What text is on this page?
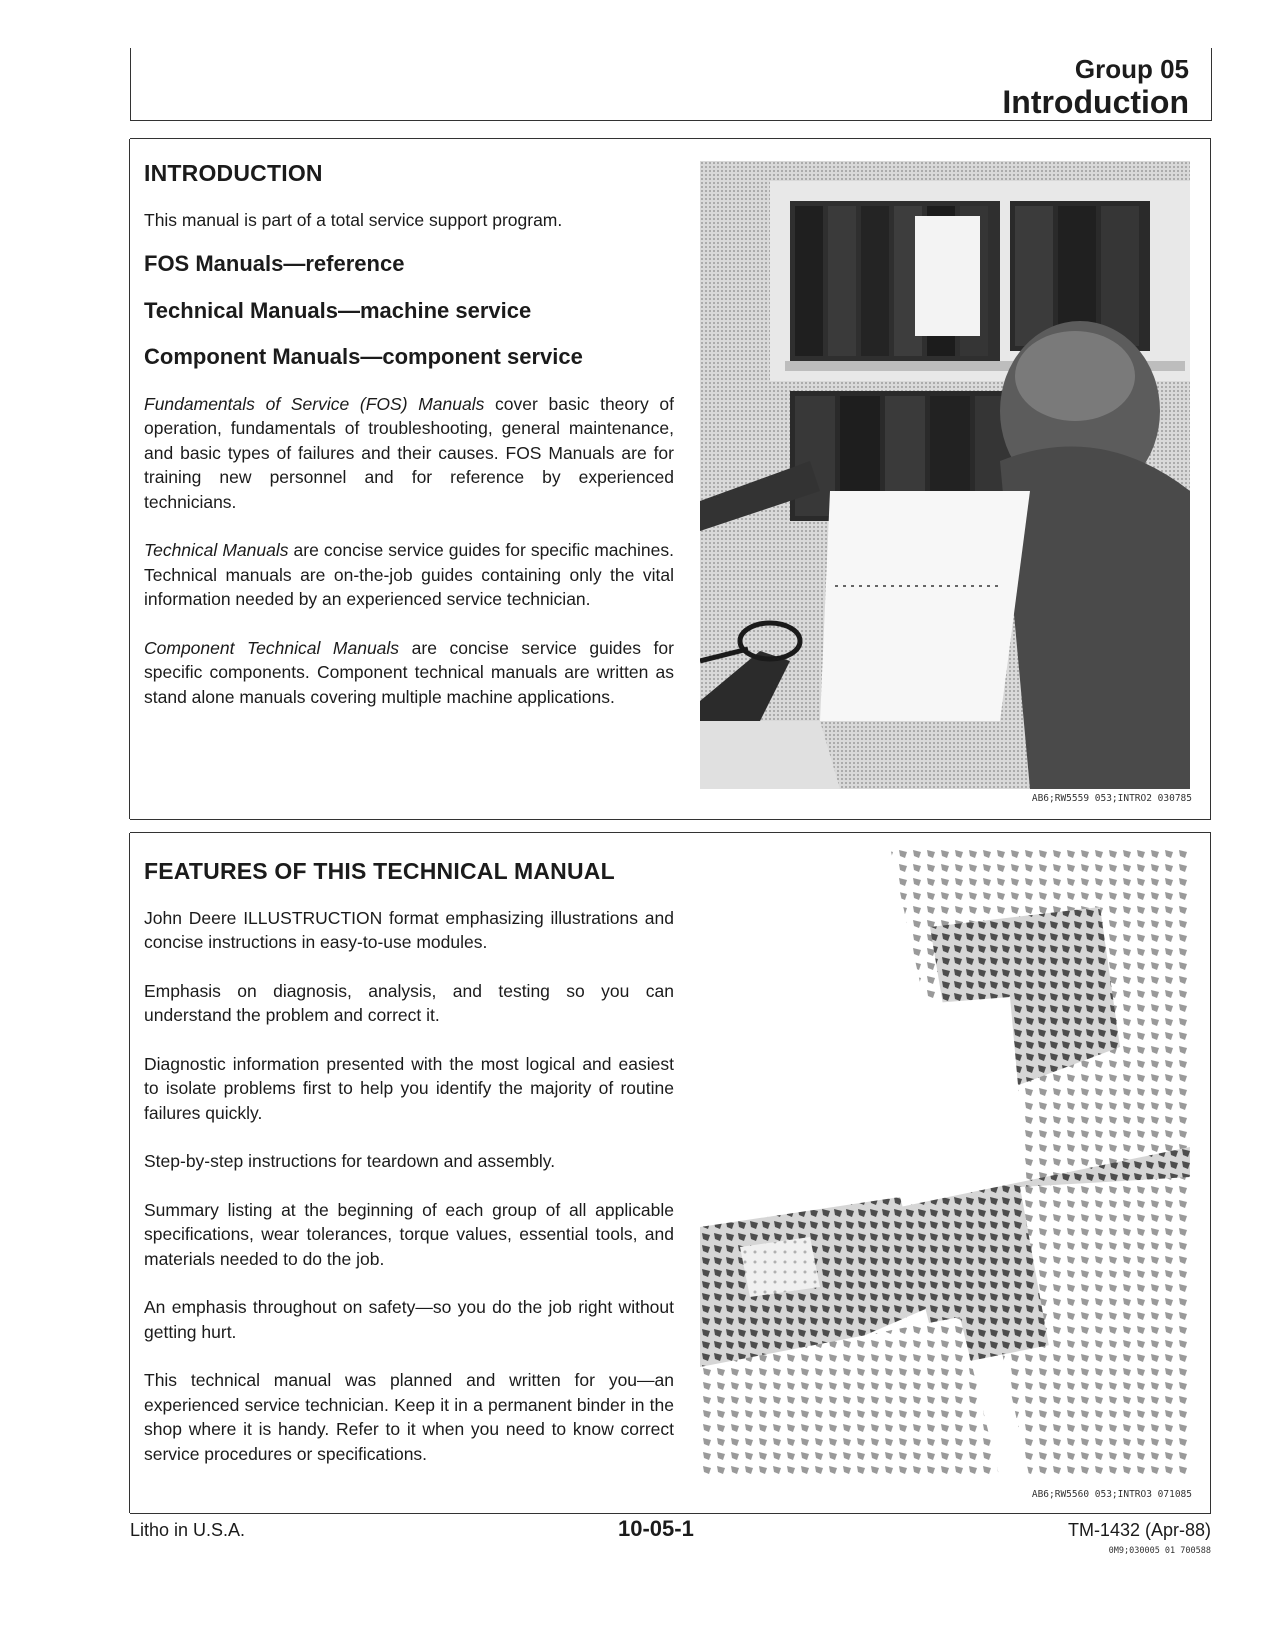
Group 05
Introduction
INTRODUCTION

This manual is part of a total service support program.

FOS Manuals—reference
Technical Manuals—machine service
Component Manuals—component service

Fundamentals of Service (FOS) Manuals cover basic theory of operation, fundamentals of troubleshooting, general maintenance, and basic types of failures and their causes. FOS Manuals are for training new personnel and for reference by experienced technicians.

Technical Manuals are concise service guides for specific machines. Technical manuals are on-the-job guides containing only the vital information needed by an experienced service technician.

Component Technical Manuals are concise service guides for specific components. Component technical manuals are written as stand alone manuals covering multiple machine applications.

AB6;RW5559 053;INTRO2 030785
FEATURES OF THIS TECHNICAL MANUAL

John Deere ILLUSTRUCTION format emphasizing illustrations and concise instructions in easy-to-use modules.

Emphasis on diagnosis, analysis, and testing so you can understand the problem and correct it.

Diagnostic information presented with the most logical and easiest to isolate problems first to help you identify the majority of routine failures quickly.

Step-by-step instructions for teardown and assembly.

Summary listing at the beginning of each group of all applicable specifications, wear tolerances, torque values, essential tools, and materials needed to do the job.

An emphasis throughout on safety—so you do the job right without getting hurt.

This technical manual was planned and written for you—an experienced service technician. Keep it in a permanent binder in the shop where it is handy. Refer to it when you need to know correct service procedures or specifications.

AB6;RW5560 053;INTRO3 071085
Litho in U.S.A.	10-05-1	TM-1432 (Apr-88)
0M9;030005 01 700588
